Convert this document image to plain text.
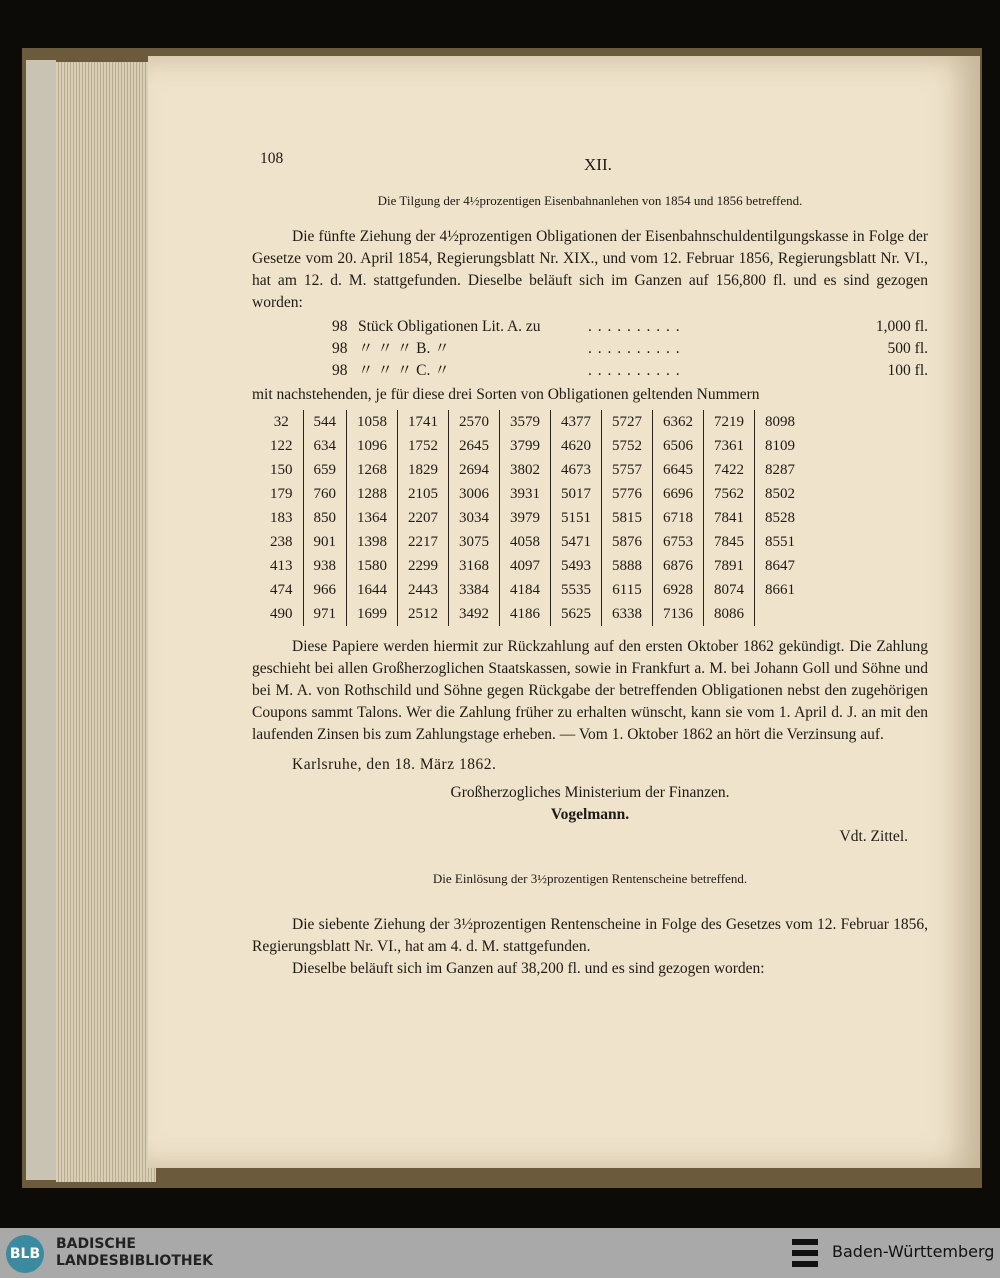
108	XII.
Die Tilgung der 4½prozentigen Eisenbahnanlehen von 1854 und 1856 betreffend.

Die fünfte Ziehung der 4½prozentigen Obligationen der Eisenbahnschuldentilgungskasse in Folge der Gesetze vom 20. April 1854, Regierungsblatt Nr. XIX., und vom 12. Februar 1856, Regierungsblatt Nr. VI., hat am 12. d. M. stattgefunden. Dieselbe beläuft sich im Ganzen auf 156,800 fl. und es sind gezogen worden:

98 Stück Obligationen Lit. A. zu	. . . . . . . . . .	1,000 fl.
98 〃 〃 〃 B. 〃	. . . . . . . . . .	500 fl.
98 〃 〃 〃 C. 〃	. . . . . . . . . .	100 fl.
mit nachstehenden, je für diese drei Sorten von Obligationen geltenden Nummern
32	544	1058	1741	2570	3579	4377	5727	6362	7219	8098
122	634	1096	1752	2645	3799	4620	5752	6506	7361	8109
150	659	1268	1829	2694	3802	4673	5757	6645	7422	8287
179	760	1288	2105	3006	3931	5017	5776	6696	7562	8502
183	850	1364	2207	3034	3979	5151	5815	6718	7841	8528
238	901	1398	2217	3075	4058	5471	5876	6753	7845	8551
413	938	1580	2299	3168	4097	5493	5888	6876	7891	8647
474	966	1644	2443	3384	4184	5535	6115	6928	8074	8661
490	971	1699	2512	3492	4186	5625	6338	7136	8086	

Diese Papiere werden hiermit zur Rückzahlung auf den ersten Oktober 1862 gekündigt. Die Zahlung geschieht bei allen Großherzoglichen Staatskassen, sowie in Frankfurt a. M. bei Johann Goll und Söhne und bei M. A. von Rothschild und Söhne gegen Rückgabe der betreffenden Obligationen nebst den zugehörigen Coupons sammt Talons. Wer die Zahlung früher zu erhalten wünscht, kann sie vom 1. April d. J. an mit den laufenden Zinsen bis zum Zahlungstage erheben. — Vom 1. Oktober 1862 an hört die Verzinsung auf.

Karlsruhe, den 18. März 1862.
Großherzogliches Ministerium der Finanzen.
Vogelmann.
Vdt. Zittel.
Die Einlösung der 3½prozentigen Rentenscheine betreffend.

Die siebente Ziehung der 3½prozentigen Rentenscheine in Folge des Gesetzes vom 12. Februar 1856, Regierungsblatt Nr. VI., hat am 4. d. M. stattgefunden.

Dieselbe beläuft sich im Ganzen auf 38,200 fl. und es sind gezogen worden:

BLB
BADISCHE
LANDESBIBLIOTHEK	Baden-Württemberg
